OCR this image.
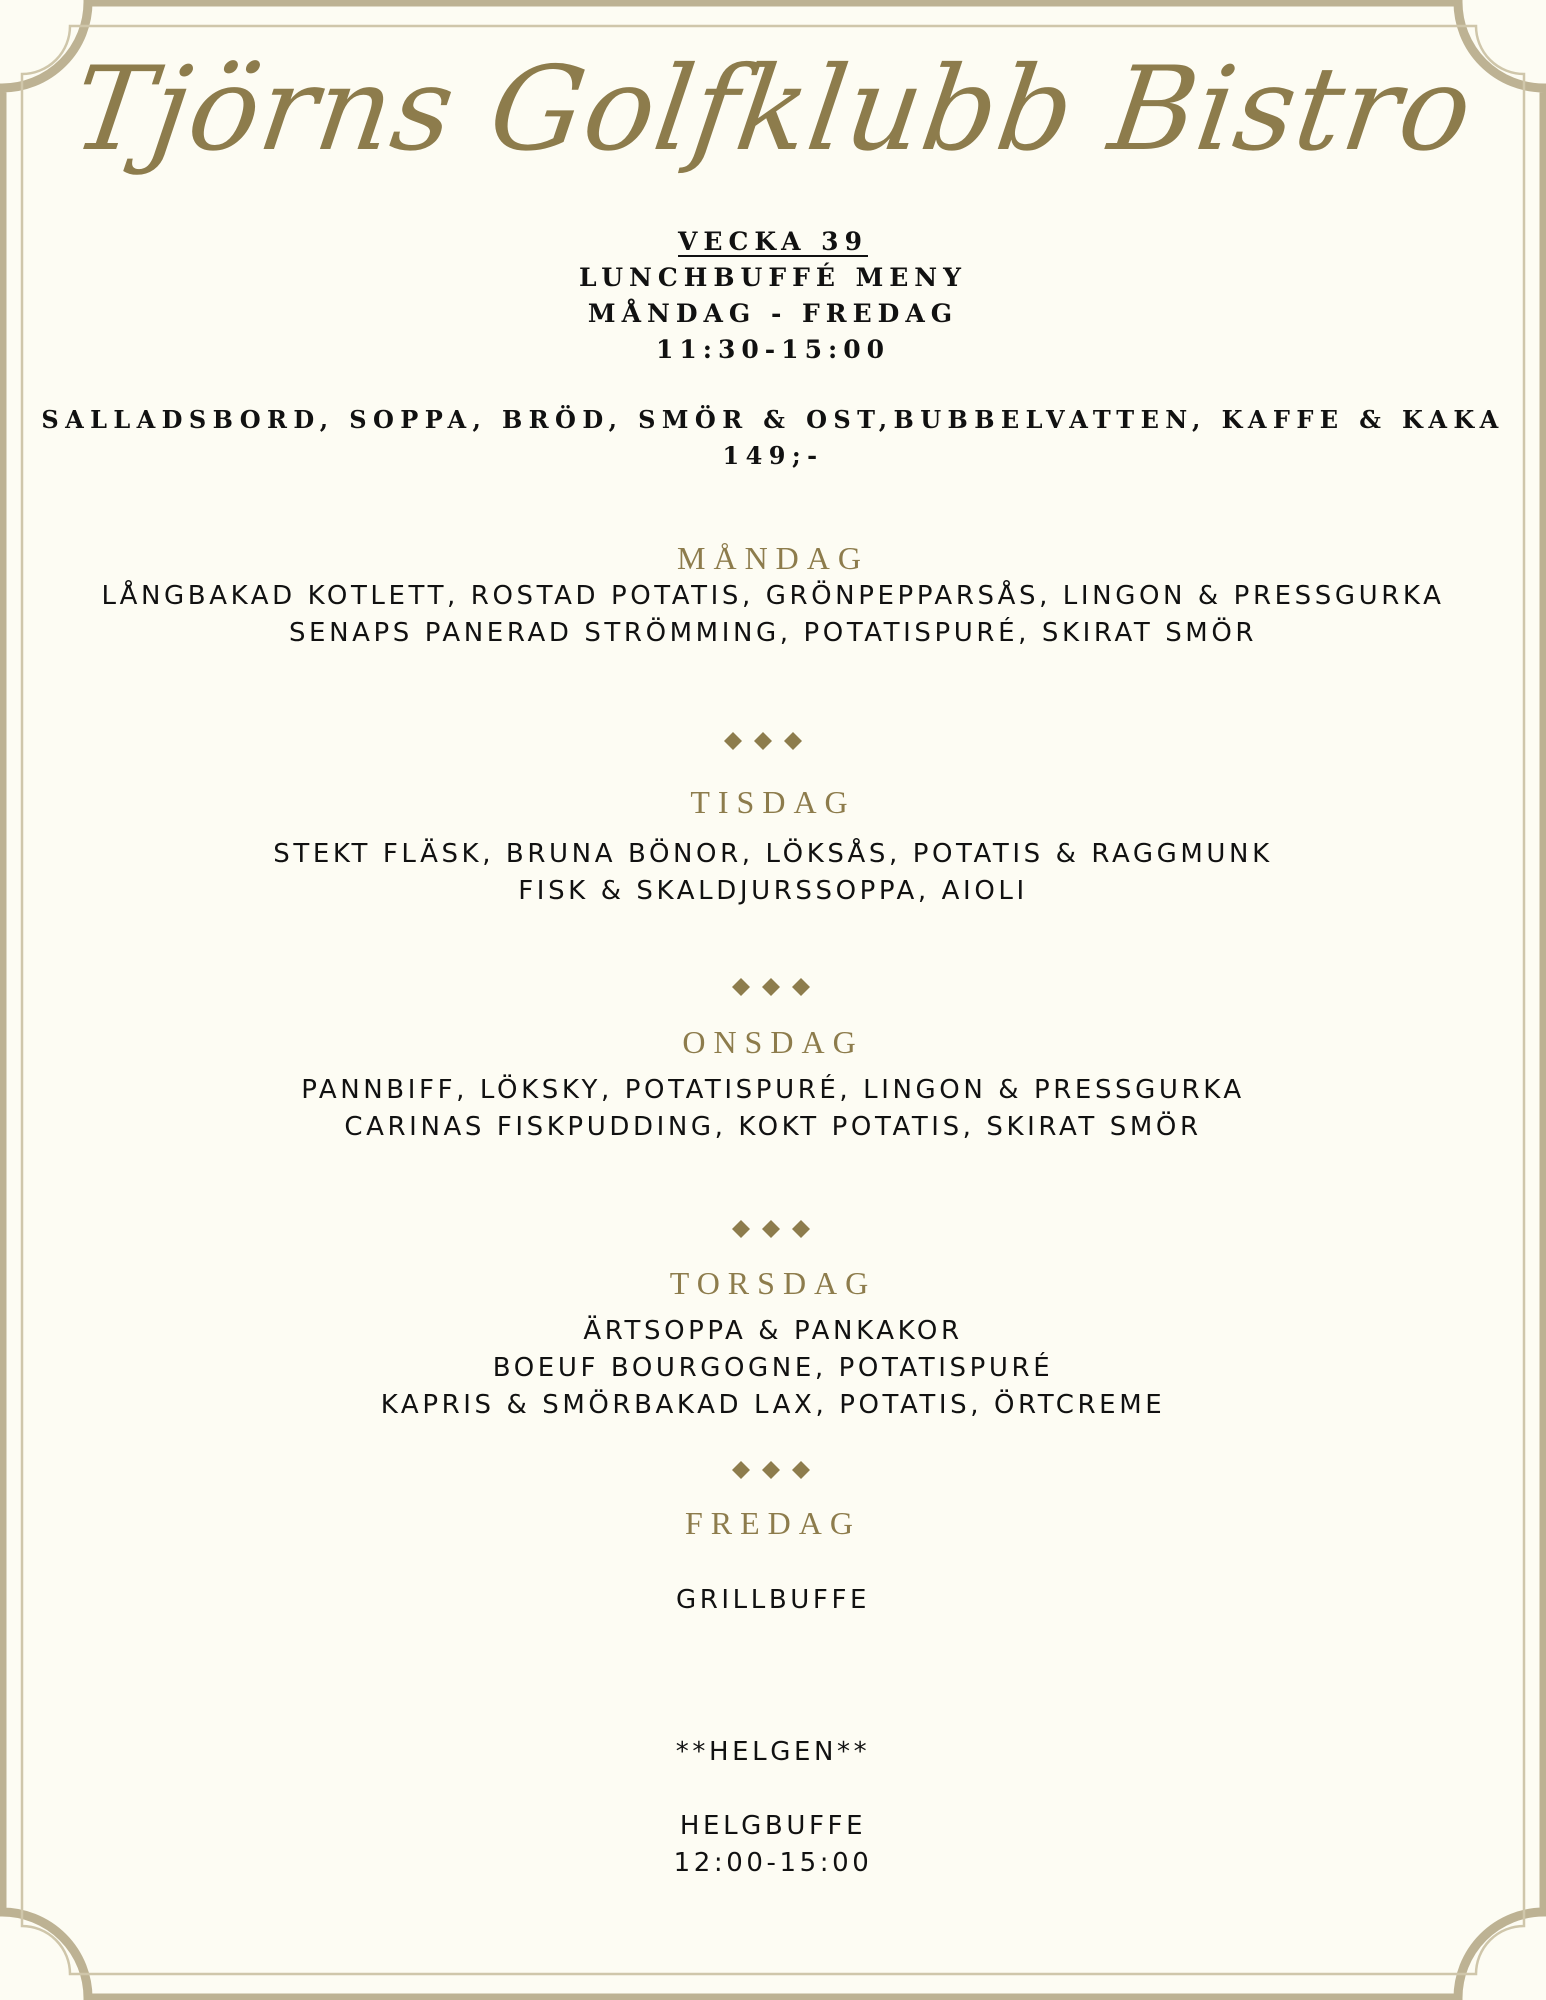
Tjörns Golfklubb Bistro
VECKA 39
LUNCHBUFFÉ MENY
MÅNDAG - FREDAG
11:30-15:00
SALLADSBORD, SOPPA, BRÖD, SMÖR & OST,BUBBELVATTEN, KAFFE & KAKA
149;-
MÅNDAG
LÅNGBAKAD KOTLETT, ROSTAD POTATIS, GRÖNPEPPARSÅS, LINGON & PRESSGURKA
SENAPS PANERAD STRÖMMING, POTATISPURÉ, SKIRAT SMÖR
TISDAG
STEKT FLÄSK, BRUNA BÖNOR, LÖKSÅS, POTATIS & RAGGMUNK
FISK & SKALDJURSSOPPA, AIOLI
ONSDAG
PANNBIFF, LÖKSKY, POTATISPURÉ, LINGON & PRESSGURKA
CARINAS FISKPUDDING, KOKT POTATIS, SKIRAT SMÖR
TORSDAG
ÄRTSOPPA & PANKAKOR
BOEUF BOURGOGNE, POTATISPURÉ
KAPRIS & SMÖRBAKAD LAX, POTATIS, ÖRTCREME
FREDAG
GRILLBUFFE
**HELGEN**
HELGBUFFE
12:00-15:00
